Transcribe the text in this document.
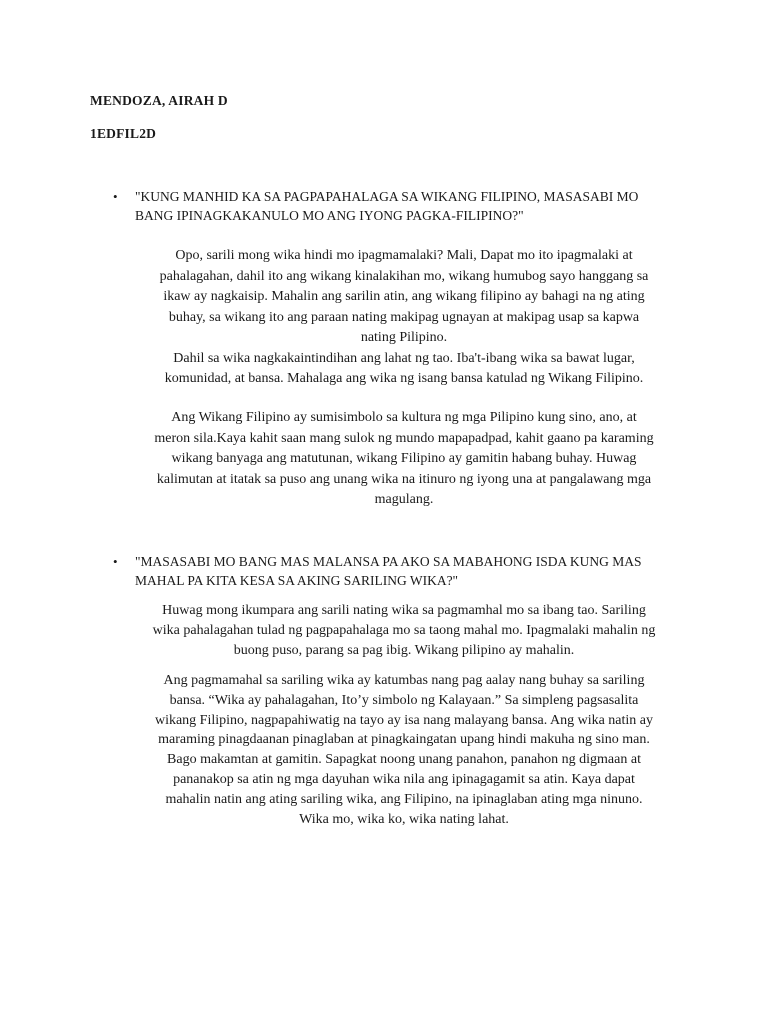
MENDOZA, AIRAH D
1EDFIL2D
• "KUNG MANHID KA SA PAGPAPAHALAGA SA WIKANG FILIPINO, MASASABI MO
BANG IPINAGKAKANULO MO ANG IYONG PAGKA-FILIPINO?"

Opo, sarili mong wika hindi mo ipagmamalaki? Mali, Dapat mo ito ipagmalaki at
pahalagahan, dahil ito ang wikang kinalakihan mo, wikang humubog sayo hanggang sa
ikaw ay nagkaisip. Mahalin ang sarilin atin, ang wikang filipino ay bahagi na ng ating
buhay, sa wikang ito ang paraan nating makipag ugnayan at makipag usap sa kapwa
nating Pilipino.
Dahil sa wika nagkakaintindihan ang lahat ng tao. Iba't-ibang wika sa bawat lugar,
komunidad, at bansa. Mahalaga ang wika ng isang bansa katulad ng Wikang Filipino.

Ang Wikang Filipino ay sumisimbolo sa kultura ng mga Pilipino kung sino, ano, at
meron sila.Kaya kahit saan mang sulok ng mundo mapapadpad, kahit gaano pa karaming
wikang banyaga ang matutunan, wikang Filipino ay gamitin habang buhay. Huwag
kalimutan at itatak sa puso ang unang wika na itinuro ng iyong una at pangalawang mga
magulang.

• "MASASABI MO BANG MAS MALANSA PA AKO SA MABAHONG ISDA KUNG MAS
MAHAL PA KITA KESA SA AKING SARILING WIKA?"

Huwag mong ikumpara ang sarili nating wika sa pagmamhal mo sa ibang tao. Sariling
wika pahalagahan tulad ng pagpapahalaga mo sa taong mahal mo. Ipagmalaki mahalin ng
buong puso, parang sa pag ibig. Wikang pilipino ay mahalin.

Ang pagmamahal sa sariling wika ay katumbas nang pag aalay nang buhay sa sariling
bansa. “Wika ay pahalagahan, Ito’y simbolo ng Kalayaan.” Sa simpleng pagsasalita
wikang Filipino, nagpapahiwatig na tayo ay isa nang malayang bansa. Ang wika natin ay
maraming pinagdaanan pinaglaban at pinagkaingatan upang hindi makuha ng sino man.
Bago makamtan at gamitin. Sapagkat noong unang panahon, panahon ng digmaan at
pananakop sa atin ng mga dayuhan wika nila ang ipinagagamit sa atin. Kaya dapat
mahalin natin ang ating sariling wika, ang Filipino, na ipinaglaban ating mga ninuno.
Wika mo, wika ko, wika nating lahat.
